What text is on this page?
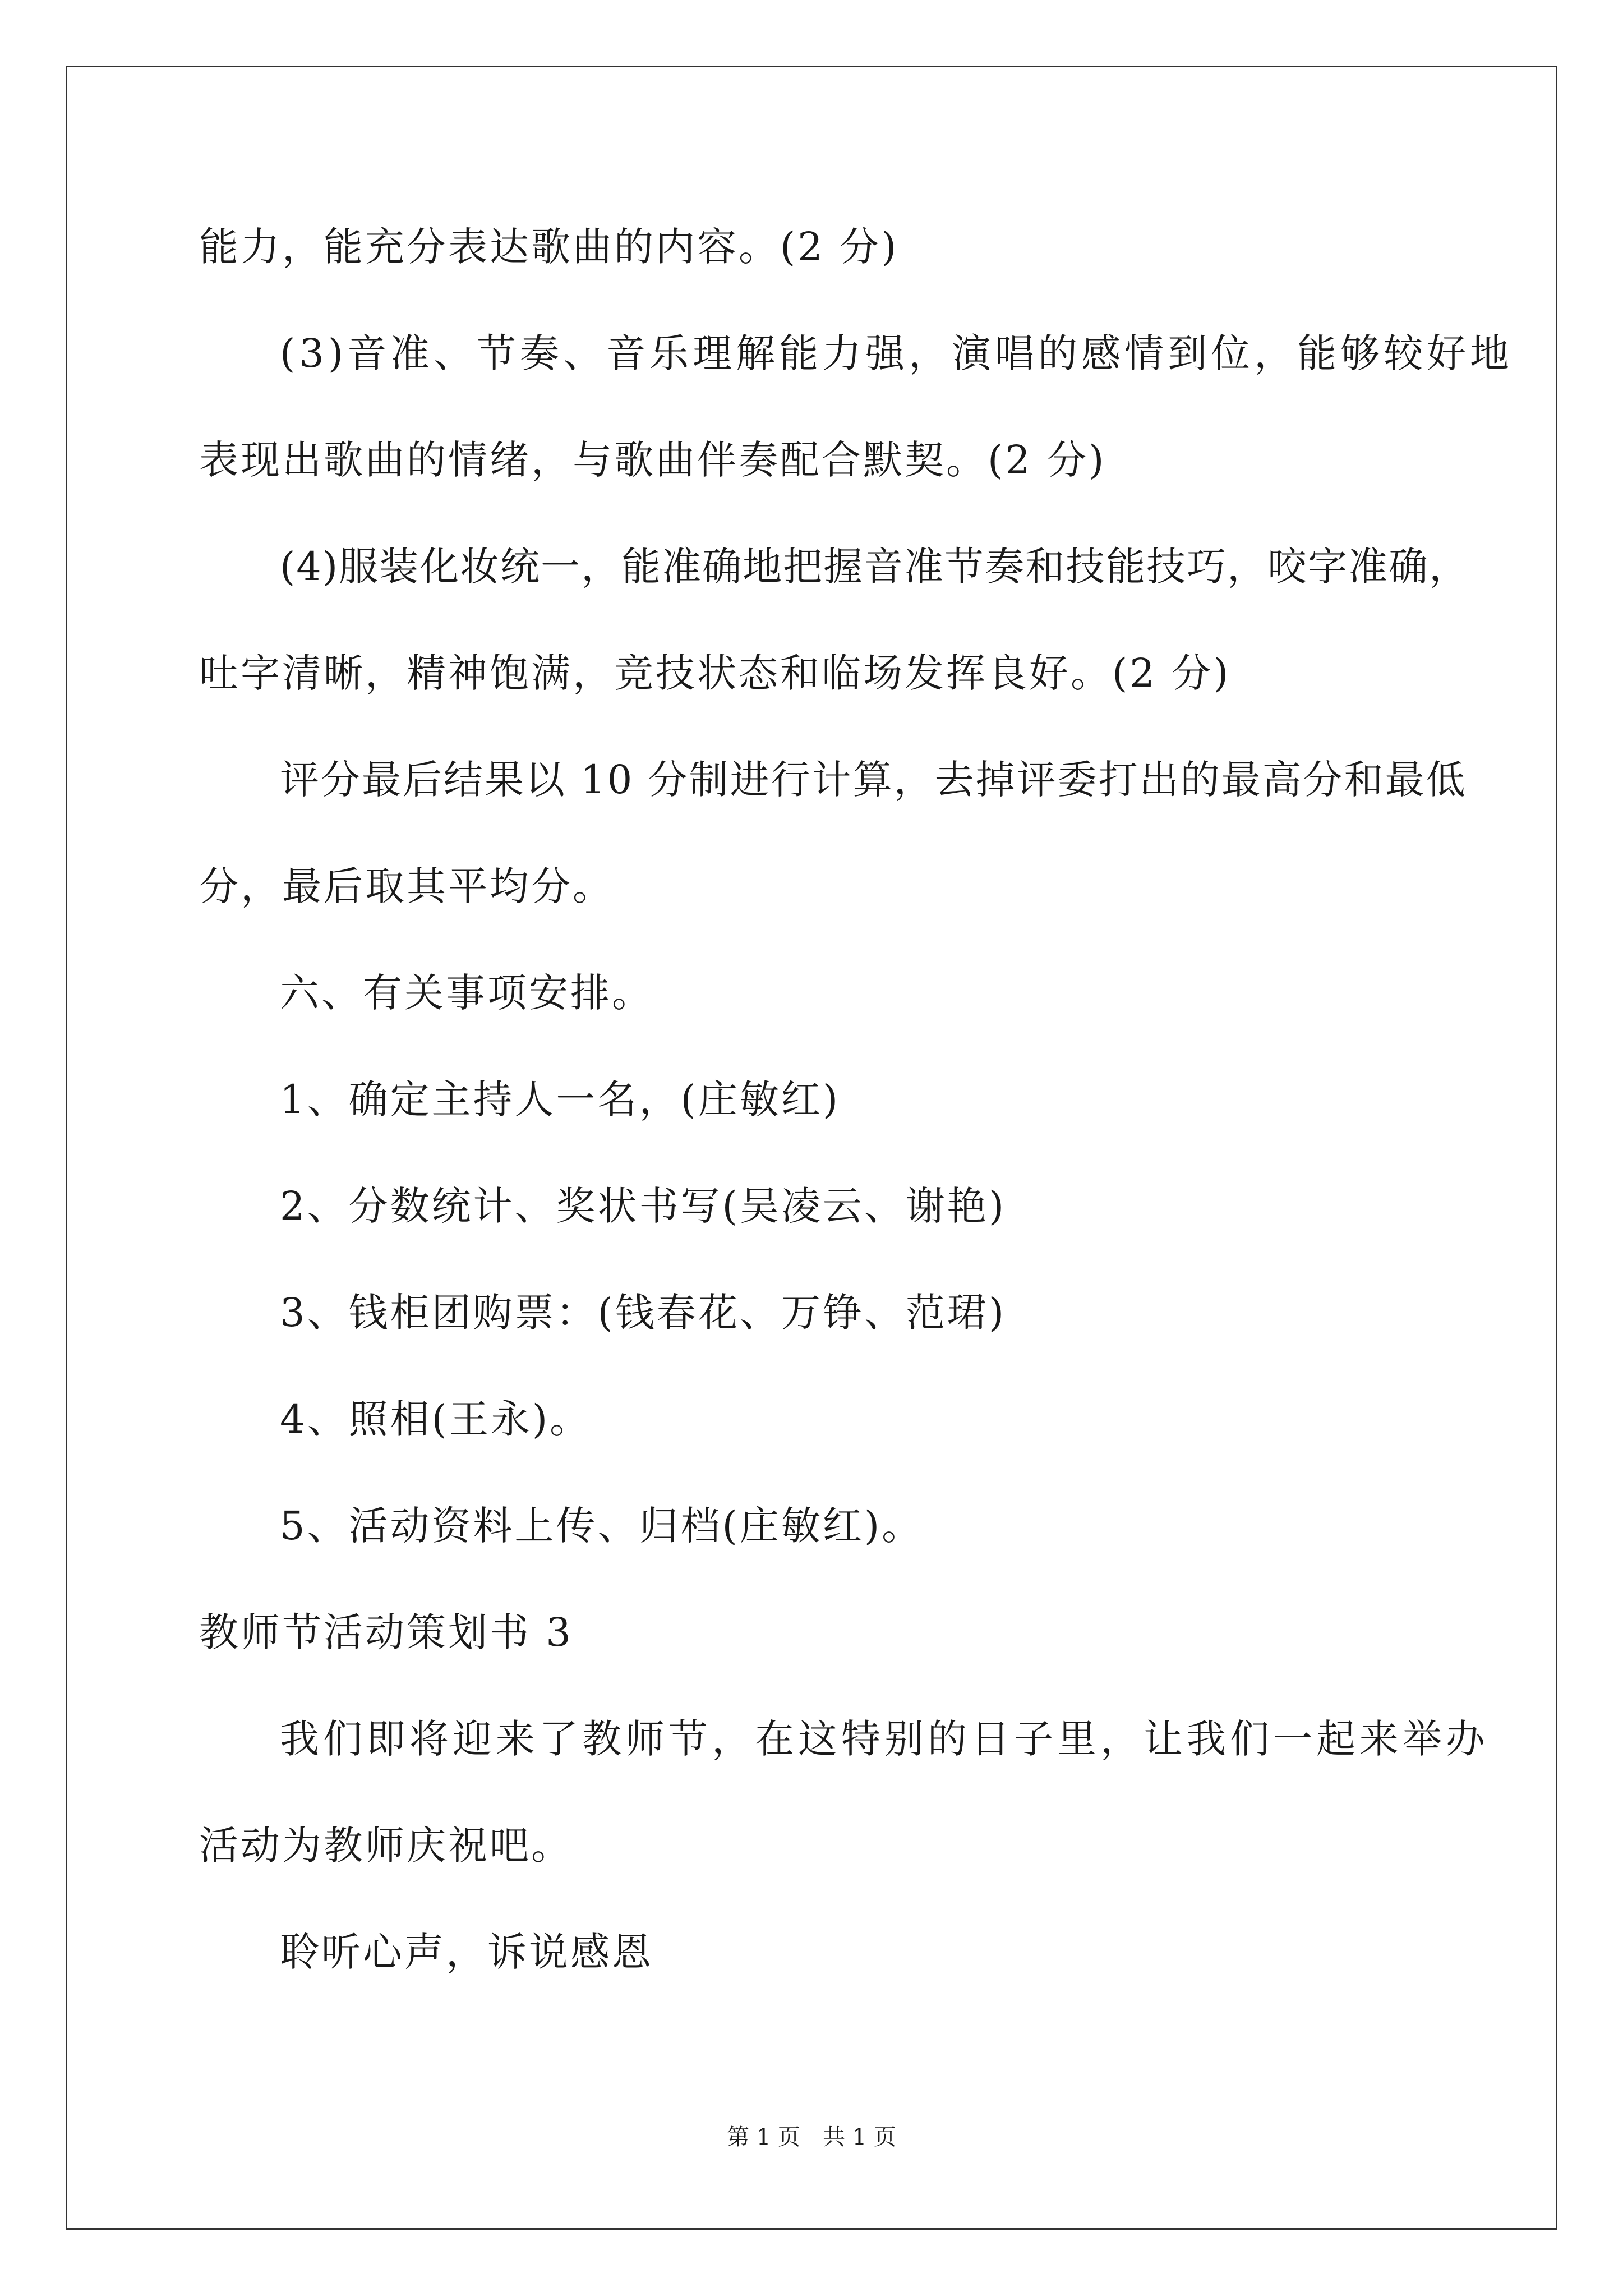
能力，能充分表达歌曲的内容。(2 分)
(3)音准、节奏、音乐理解能力强，演唱的感情到位，能够较好地
表现出歌曲的情绪，与歌曲伴奏配合默契。(2 分)
(4)服装化妆统一，能准确地把握音准节奏和技能技巧，咬字准确，
吐字清晰，精神饱满，竞技状态和临场发挥良好。(2 分)
评分最后结果以 10 分制进行计算，去掉评委打出的最高分和最低
分，最后取其平均分。
六、有关事项安排。
1、确定主持人一名，(庄敏红)
2、分数统计、奖状书写(吴凌云、谢艳)
3、钱柜团购票：(钱春花、万铮、范珺)
4、照相(王永)。
5、活动资料上传、归档(庄敏红)。
教师节活动策划书 3
我们即将迎来了教师节，在这特别的日子里，让我们一起来举办
活动为教师庆祝吧。
聆听心声，诉说感恩
第 1 页　共 1 页
